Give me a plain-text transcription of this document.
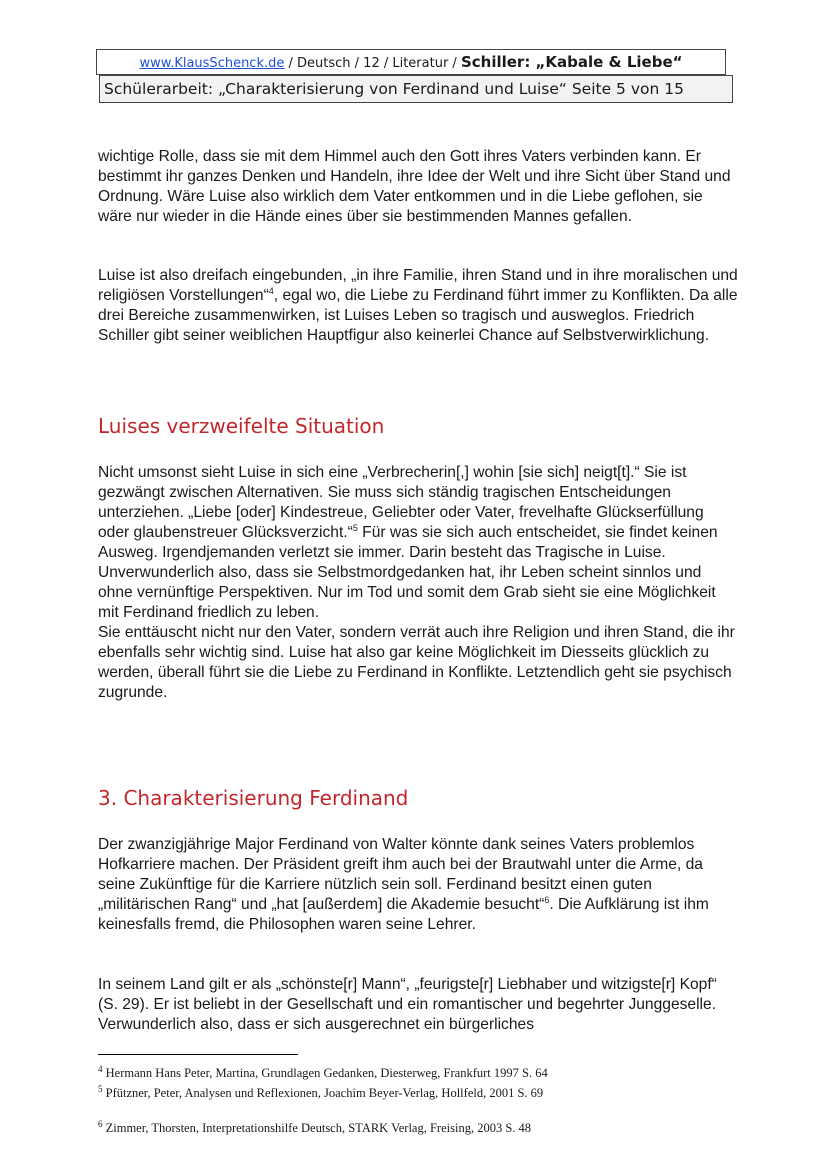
www.KlausSchenck.de / Deutsch / 12 / Literatur / Schiller: „Kabale & Liebe“
Schülerarbeit: „Charakterisierung von Ferdinand und Luise“ Seite 5 von 15

wichtige Rolle, dass sie mit dem Himmel auch den Gott ihres Vaters verbinden kann. Er bestimmt ihr ganzes Denken und Handeln, ihre Idee der Welt und ihre Sicht über Stand und Ordnung. Wäre Luise also wirklich dem Vater entkommen und in die Liebe geflohen, sie wäre nur wieder in die Hände eines über sie bestimmenden Mannes gefallen.

Luise ist also dreifach eingebunden, „in ihre Familie, ihren Stand und in ihre moralischen und religiösen Vorstellungen“$^4$, egal wo, die Liebe zu Ferdinand führt immer zu Konflikten. Da alle drei Bereiche zusammenwirken, ist Luises Leben so tragisch und ausweglos. Friedrich Schiller gibt seiner weiblichen Hauptfigur also keinerlei Chance auf Selbstverwirklichung.

Luises verzweifelte Situation

Nicht umsonst sieht Luise in sich eine „Verbrecherin[,] wohin [sie sich] neigt[t].“ Sie ist gezwängt zwischen Alternativen. Sie muss sich ständig tragischen Entscheidungen unterziehen. „Liebe [oder] Kindestreue, Geliebter oder Vater, frevelhafte Glückserfüllung oder glaubenstreuer Glücksverzicht.“$^5$ Für was sie sich auch entscheidet, sie findet keinen Ausweg. Irgendjemanden verletzt sie immer. Darin besteht das Tragische in Luise. Unverwunderlich also, dass sie Selbstmordgedanken hat, ihr Leben scheint sinnlos und ohne vernünftige Perspektiven. Nur im Tod und somit dem Grab sieht sie eine Möglichkeit mit Ferdinand friedlich zu leben.
Sie enttäuscht nicht nur den Vater, sondern verrät auch ihre Religion und ihren Stand, die ihr ebenfalls sehr wichtig sind. Luise hat also gar keine Möglichkeit im Diesseits glücklich zu werden, überall führt sie die Liebe zu Ferdinand in Konflikte. Letztendlich geht sie psychisch zugrunde.

3. Charakterisierung Ferdinand

Der zwanzigjährige Major Ferdinand von Walter könnte dank seines Vaters problemlos Hofkarriere machen. Der Präsident greift ihm auch bei der Brautwahl unter die Arme, da seine Zukünftige für die Karriere nützlich sein soll. Ferdinand besitzt einen guten „militärischen Rang“ und „hat [außerdem] die Akademie besucht“$^6$. Die Aufklärung ist ihm keinesfalls fremd, die Philosophen waren seine Lehrer.

In seinem Land gilt er als „schönste[r] Mann“, „feurigste[r] Liebhaber und witzigste[r] Kopf“ (S. 29). Er ist beliebt in der Gesellschaft und ein romantischer und begehrter Junggeselle. Verwunderlich also, dass er sich ausgerechnet ein bürgerliches

$^4$ Hermann Hans Peter, Martina, Grundlagen Gedanken, Diesterweg, Frankfurt 1997 S. 64

$^5$ Pfützner, Peter, Analysen und Reflexionen, Joachim Beyer-Verlag, Hollfeld, 2001 S. 69

$^6$ Zimmer, Thorsten, Interpretationshilfe Deutsch, STARK Verlag, Freising, 2003 S. 48
